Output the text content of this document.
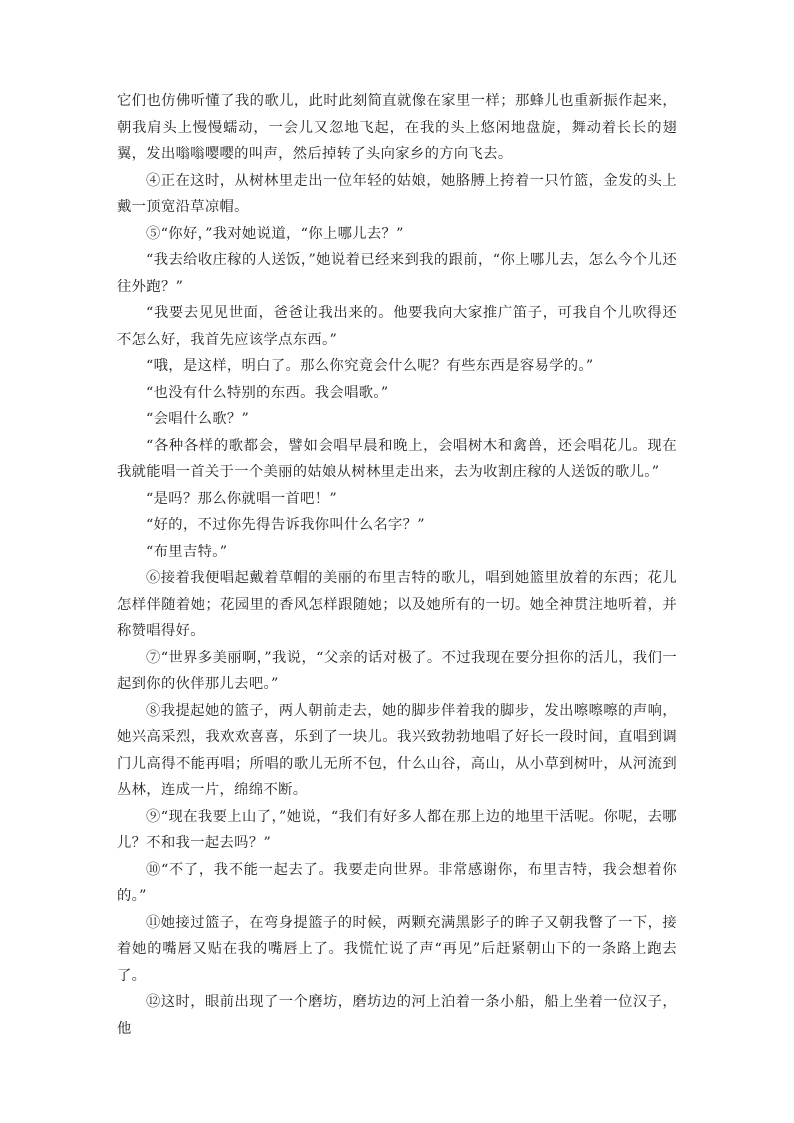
它们也仿佛听懂了我的歌儿，此时此刻简直就像在家里一样；那蜂儿也重新振作起来，朝我肩头上慢慢蠕动，一会儿又忽地飞起，在我的头上悠闲地盘旋，舞动着长长的翅翼，发出嗡嗡嘤嘤的叫声，然后掉转了头向家乡的方向飞去。

④正在这时，从树林里走出一位年轻的姑娘，她胳膊上挎着一只竹篮，金发的头上戴一顶宽沿草凉帽。

⑤“你好，”我对她说道，“你上哪儿去？”

“我去给收庄稼的人送饭，”她说着已经来到我的跟前，“你上哪儿去，怎么今个儿还往外跑？”

“我要去见见世面，爸爸让我出来的。他要我向大家推广笛子，可我自个儿吹得还不怎么好，我首先应该学点东西。”

“哦，是这样，明白了。那么你究竟会什么呢？有些东西是容易学的。”

“也没有什么特别的东西。我会唱歌。”

“会唱什么歌？”

“各种各样的歌都会，譬如会唱早晨和晚上，会唱树木和禽兽，还会唱花儿。现在我就能唱一首关于一个美丽的姑娘从树林里走出来，去为收割庄稼的人送饭的歌儿。”

“是吗？那么你就唱一首吧！”

“好的，不过你先得告诉我你叫什么名字？”

“布里吉特。”

⑥接着我便唱起戴着草帽的美丽的布里吉特的歌儿，唱到她篮里放着的东西；花儿怎样伴随着她；花园里的香风怎样跟随她；以及她所有的一切。她全神贯注地听着，并称赞唱得好。

⑦“世界多美丽啊，”我说，“父亲的话对极了。不过我现在要分担你的活儿，我们一起到你的伙伴那儿去吧。”

⑧我提起她的篮子，两人朝前走去，她的脚步伴着我的脚步，发出嚓嚓嚓的声响，她兴高采烈，我欢欢喜喜，乐到了一块儿。我兴致勃勃地唱了好长一段时间，直唱到调门儿高得不能再唱；所唱的歌儿无所不包，什么山谷，高山，从小草到树叶，从河流到丛林，连成一片，绵绵不断。

⑨“现在我要上山了，”她说，“我们有好多人都在那上边的地里干活呢。你呢，去哪儿？不和我一起去吗？”

⑩“不了，我不能一起去了。我要走向世界。非常感谢你，布里吉特，我会想着你的。”

⑪她接过篮子，在弯身提篮子的时候，两颗充满黑影子的眸子又朝我瞥了一下，接着她的嘴唇又贴在我的嘴唇上了。我慌忙说了声“再见”后赶紧朝山下的一条路上跑去了。

⑫这时，眼前出现了一个磨坊，磨坊边的河上泊着一条小船，船上坐着一位汉子，他
